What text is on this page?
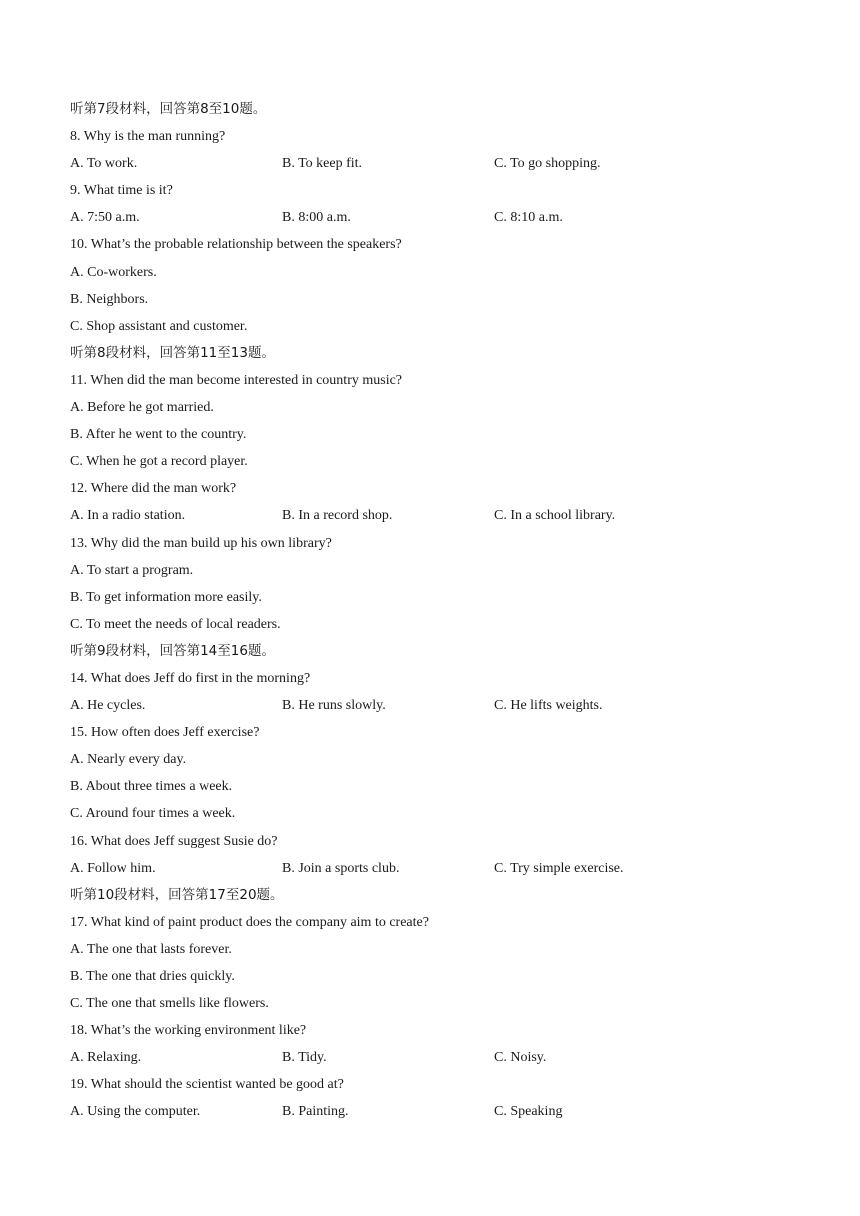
听第7段材料，回答第8至10题。
8. Why is the man running?
A. To work.	B. To keep fit.	C. To go shopping.
9. What time is it?
A. 7:50 a.m.	B. 8:00 a.m.	C. 8:10 a.m.
10. What’s the probable relationship between the speakers?
A. Co-workers.
B. Neighbors.
C. Shop assistant and customer.
听第8段材料，回答第11至13题。
11. When did the man become interested in country music?
A. Before he got married.
B. After he went to the country.
C. When he got a record player.
12. Where did the man work?
A. In a radio station.	B. In a record shop.	C. In a school library.
13. Why did the man build up his own library?
A. To start a program.
B. To get information more easily.
C. To meet the needs of local readers.
听第9段材料，回答第14至16题。
14. What does Jeff do first in the morning?
A. He cycles.	B. He runs slowly.	C. He lifts weights.
15. How often does Jeff exercise?
A. Nearly every day.
B. About three times a week.
C. Around four times a week.
16. What does Jeff suggest Susie do?
A. Follow him.	B. Join a sports club.	C. Try simple exercise.
听第10段材料，回答第17至20题。
17. What kind of paint product does the company aim to create?
A. The one that lasts forever.
B. The one that dries quickly.
C. The one that smells like flowers.
18. What’s the working environment like?
A. Relaxing.	B. Tidy.	C. Noisy.
19. What should the scientist wanted be good at?
A. Using the computer.	B. Painting.	C. Speaking
